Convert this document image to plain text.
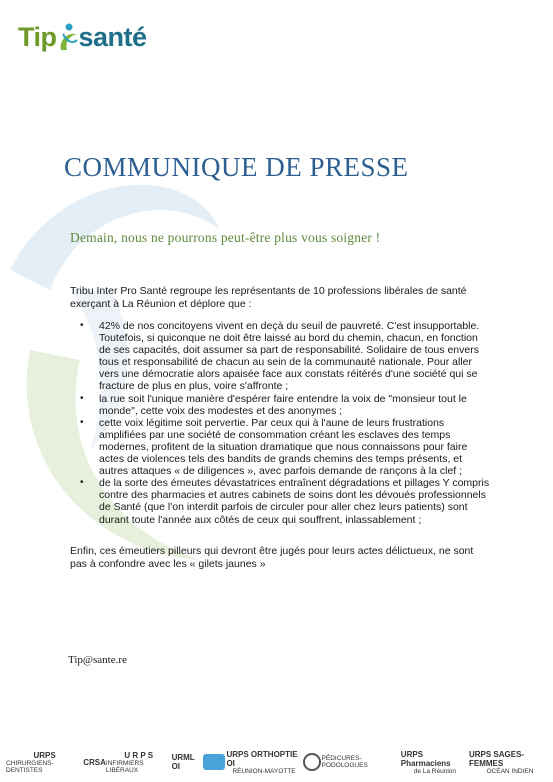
Tip santé
COMMUNIQUE DE PRESSE
Demain, nous ne pourrons peut-être plus vous soigner !
Tribu Inter Pro Santé regroupe les représentants de 10 professions libérales de santé exerçant à La Réunion et déplore que :
• 42% de nos concitoyens vivent en deçà du seuil de pauvreté. C'est insupportable. Toutefois, si quiconque ne doit être laissé au bord du chemin, chacun, en fonction de ses capacités, doit assumer sa part de responsabilité. Solidaire de tous envers tous et responsabilité de chacun au sein de la communauté nationale. Pour aller vers une démocratie alors apaisée face aux constats réitérés d'une société qui se fracture de plus en plus, voire s'affronte ;
• la rue soit l'unique manière d'espérer faire entendre la voix de "monsieur tout le monde", cette voix des modestes et des anonymes ;
• cette voix légitime soit pervertie. Par ceux qui à l'aune de leurs frustrations amplifiées par une société de consommation créant les esclaves des temps modernes, profitent de la situation dramatique que nous connaissons pour faire actes de violences tels des bandits de grands chemins des temps présents, et autres attaques « de diligences », avec parfois demande de rançons à la clef ;
• de la sorte des émeutes dévastatrices entraînent dégradations et pillages Y compris contre des pharmacies et autres cabinets de soins dont les dévoués professionnels de Santé (que l'on interdit parfois de circuler pour aller chez leurs patients) sont durant toute l'année aux côtés de ceux qui souffrent, inlassablement ;
Enfin, ces émeutiers pilleurs qui devront être jugés pour leurs actes délictueux, ne sont pas à confondre avec les « gilets jaunes »
Tip@sante.re
URPS
CHIRURGIENS-DENTISTES
CRSA
U R P S
INFIRMIERS LIBÉRAUX
URML OI
URPS ORTHOPTIE OI
RÉUNION-MAYOTTE
PÉDICURES-PODOLOGUES
URPS Pharmaciens
de La Réunion
URPS SAGES-FEMMES
OCÉAN INDIEN
